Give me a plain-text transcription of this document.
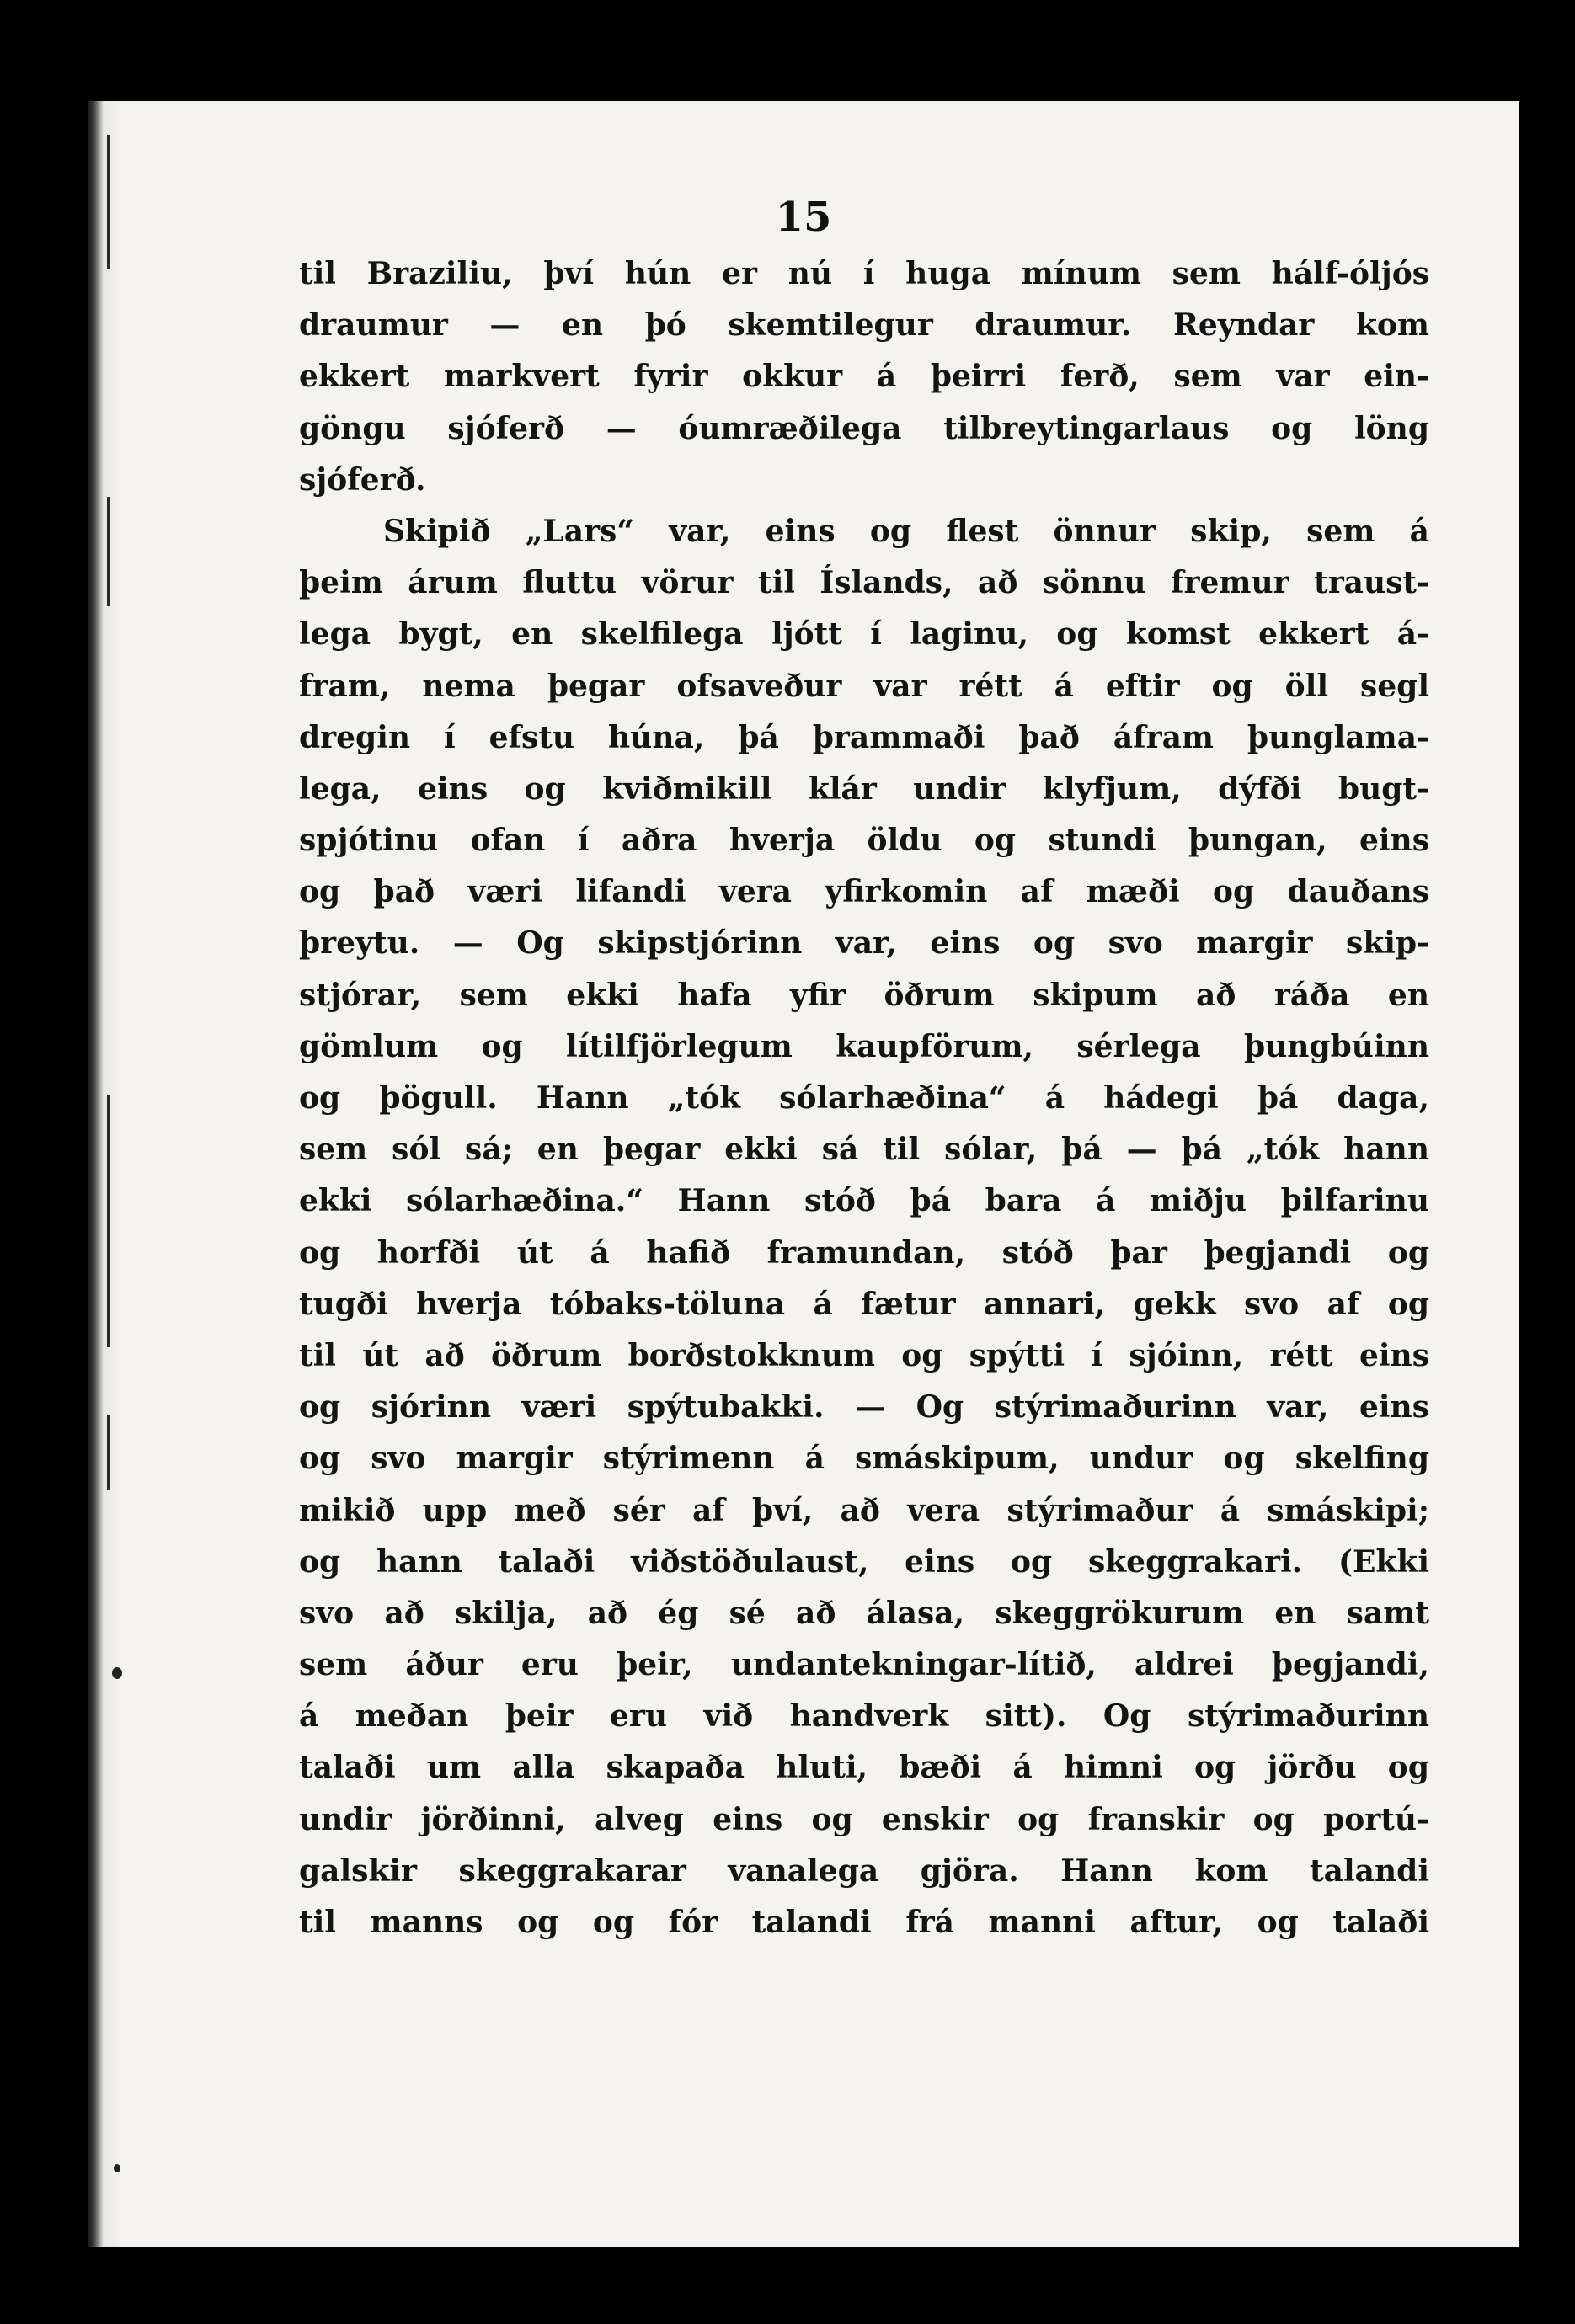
15
til Braziliu, því hún er nú í huga mínum sem hálf-óljós
draumur — en þó skemtilegur draumur. Reyndar kom
ekkert markvert fyrir okkur á þeirri ferð, sem var ein-
göngu sjóferð — óumræðilega tilbreytingarlaus og löng
sjóferð.
Skipið „Lars“ var, eins og flest önnur skip, sem á
þeim árum fluttu vörur til Íslands, að sönnu fremur traust-
lega bygt, en skelfilega ljótt í laginu, og komst ekkert á-
fram, nema þegar ofsaveður var rétt á eftir og öll segl
dregin í efstu húna, þá þrammaði það áfram þunglama-
lega, eins og kviðmikill klár undir klyfjum, dýfði bugt-
spjótinu ofan í aðra hverja öldu og stundi þungan, eins
og það væri lifandi vera yfirkomin af mæði og dauðans
þreytu. — Og skipstjórinn var, eins og svo margir skip-
stjórar, sem ekki hafa yfir öðrum skipum að ráða en
gömlum og lítilfjörlegum kaupförum, sérlega þungbúinn
og þögull. Hann „tók sólarhæðina“ á hádegi þá daga,
sem sól sá; en þegar ekki sá til sólar, þá — þá „tók hann
ekki sólarhæðina.“ Hann stóð þá bara á miðju þilfarinu
og horfði út á hafið framundan, stóð þar þegjandi og
tugði hverja tóbaks-töluna á fætur annari, gekk svo af og
til út að öðrum borðstokknum og spýtti í sjóinn, rétt eins
og sjórinn væri spýtubakki. — Og stýrimaðurinn var, eins
og svo margir stýrimenn á smáskipum, undur og skelfing
mikið upp með sér af því, að vera stýrimaður á smáskipi;
og hann talaði viðstöðulaust, eins og skeggrakari. (Ekki
svo að skilja, að ég sé að álasa, skeggrökurum en samt
sem áður eru þeir, undantekningar-lítið, aldrei þegjandi,
á meðan þeir eru við handverk sitt). Og stýrimaðurinn
talaði um alla skapaða hluti, bæði á himni og jörðu og
undir jörðinni, alveg eins og enskir og franskir og portú-
galskir skeggrakarar vanalega gjöra. Hann kom talandi
til manns og og fór talandi frá manni aftur, og talaði
